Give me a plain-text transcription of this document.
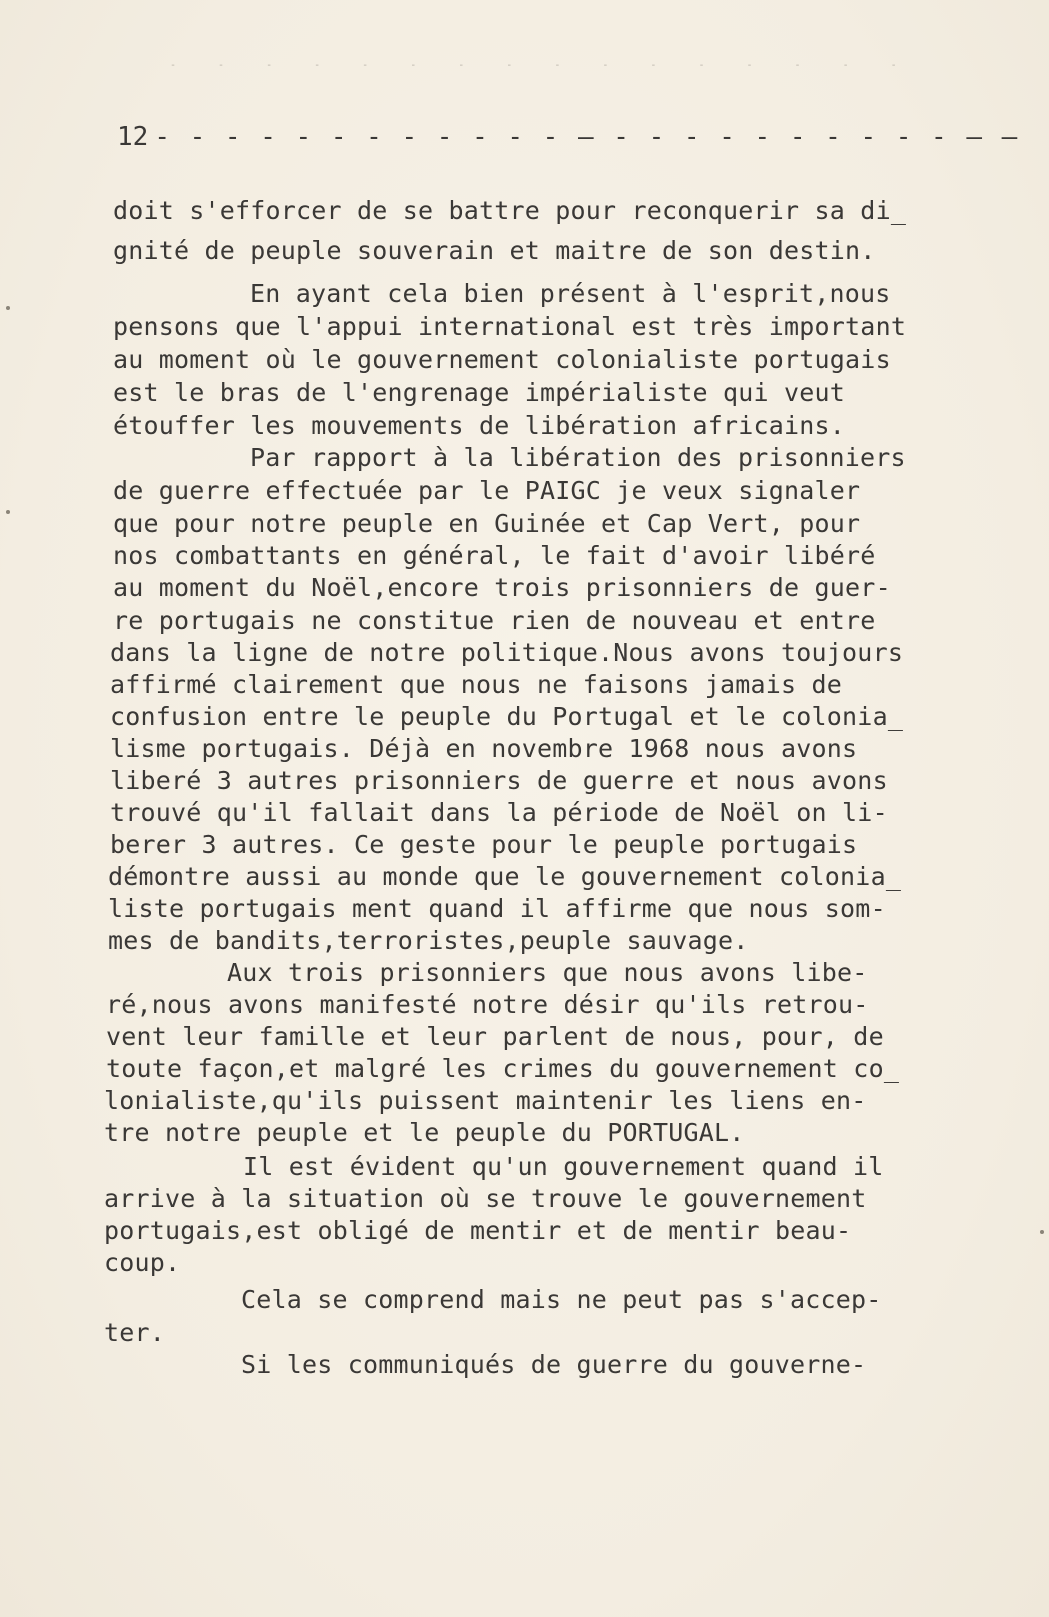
- - - - - - - - - - - - - - - -
12 - - - - - - - - - - - - — - - - - - - - - - - — —
doit s'efforcer de se battre pour reconquerir sa di_
gnité de peuple souverain et maitre de son destin.
En ayant cela bien présent à l'esprit,nous
pensons que l'appui international est très important
au moment où le gouvernement colonialiste portugais
est le bras de l'engrenage impérialiste qui veut
étouffer les mouvements de libération africains.
Par rapport à la libération des prisonniers
de guerre effectuée par le PAIGC je veux signaler
que pour notre peuple en Guinée et Cap Vert, pour
nos combattants en général, le fait d'avoir libéré
au moment du Noël,encore trois prisonniers de guer-
re portugais ne constitue rien de nouveau et entre
dans la ligne de notre politique.Nous avons toujours
affirmé clairement que nous ne faisons jamais de
confusion entre le peuple du Portugal et le colonia_
lisme portugais. Déjà en novembre 1968 nous avons
liberé 3 autres prisonniers de guerre et nous avons
trouvé qu'il fallait dans la période de Noël on li-
berer 3 autres. Ce geste pour le peuple portugais
démontre aussi au monde que le gouvernement colonia_
liste portugais ment quand il affirme que nous som-
mes de bandits,terroristes,peuple sauvage.
Aux trois prisonniers que nous avons libe-
ré,nous avons manifesté notre désir qu'ils retrou-
vent leur famille et leur parlent de nous, pour, de
toute façon,et malgré les crimes du gouvernement co_
lonialiste,qu'ils puissent maintenir les liens en-
tre notre peuple et le peuple du PORTUGAL.
Il est évident qu'un gouvernement quand il
arrive à la situation où se trouve le gouvernement
portugais,est obligé de mentir et de mentir beau-
coup.
Cela se comprend mais ne peut pas s'accep-
ter.
Si les communiqués de guerre du gouverne-
